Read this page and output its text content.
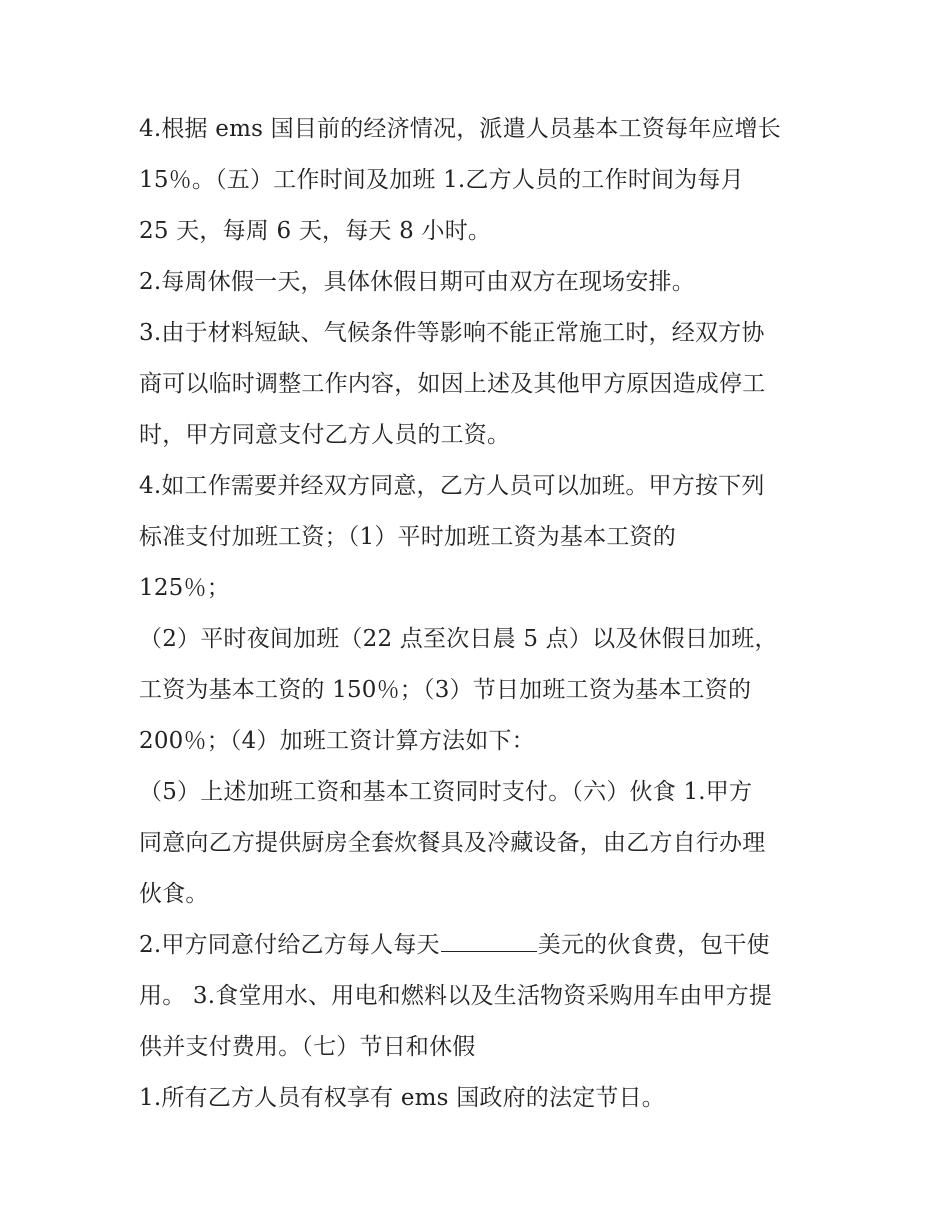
4.根据 ems 国目前的经济情况，派遣人员基本工资每年应增长
15％。（五）工作时间及加班 1.乙方人员的工作时间为每月
25 天，每周 6 天，每天 8 小时。
2.每周休假一天，具体休假日期可由双方在现场安排。
3.由于材料短缺、气候条件等影响不能正常施工时，经双方协
商可以临时调整工作内容，如因上述及其他甲方原因造成停工
时，甲方同意支付乙方人员的工资。
4.如工作需要并经双方同意，乙方人员可以加班。甲方按下列
标准支付加班工资；（1）平时加班工资为基本工资的
125％；
（2）平时夜间加班（22 点至次日晨 5 点）以及休假日加班，
工资为基本工资的 150％；（3）节日加班工资为基本工资的
200％；（4）加班工资计算方法如下：
（5）上述加班工资和基本工资同时支付。（六）伙食 1.甲方
同意向乙方提供厨房全套炊餐具及冷藏设备，由乙方自行办理
伙食。
2.甲方同意付给乙方每人每天	美元的伙食费，包干使
用。 3.食堂用水、用电和燃料以及生活物资采购用车由甲方提
供并支付费用。（七）节日和休假
1.所有乙方人员有权享有 ems 国政府的法定节日。
